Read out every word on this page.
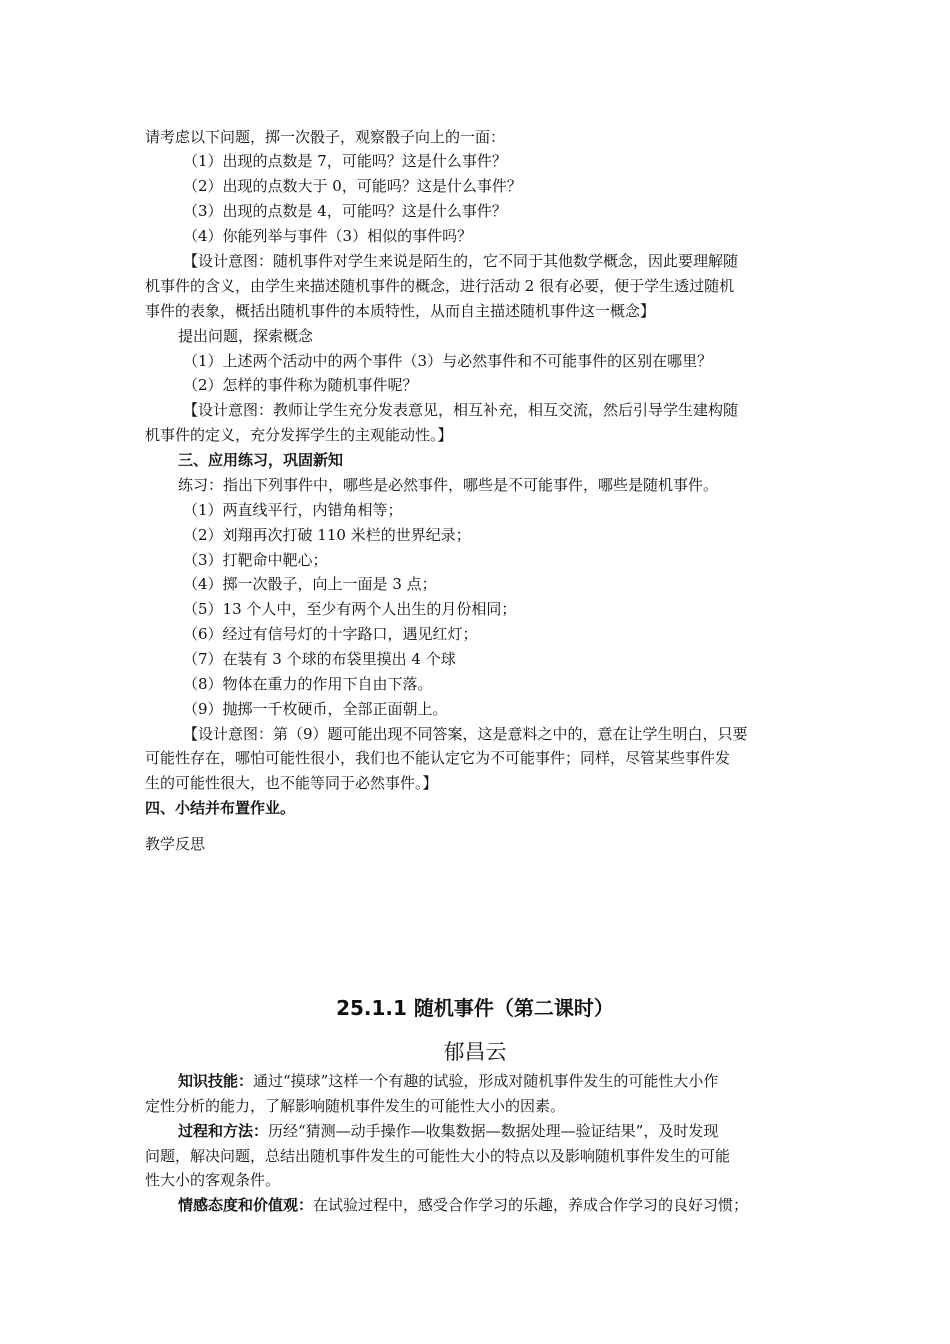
请考虑以下问题，掷一次骰子，观察骰子向上的一面：
（1）出现的点数是 7，可能吗？这是什么事件？
（2）出现的点数大于 0，可能吗？这是什么事件？
（3）出现的点数是 4，可能吗？这是什么事件？
（4）你能列举与事件（3）相似的事件吗？
【设计意图：随机事件对学生来说是陌生的，它不同于其他数学概念，因此要理解随
机事件的含义，由学生来描述随机事件的概念，进行活动 2 很有必要，便于学生透过随机
事件的表象，概括出随机事件的本质特性，从而自主描述随机事件这一概念】
提出问题，探索概念
（1）上述两个活动中的两个事件（3）与必然事件和不可能事件的区别在哪里？
（2）怎样的事件称为随机事件呢？
【设计意图：教师让学生充分发表意见，相互补充，相互交流，然后引导学生建构随
机事件的定义，充分发挥学生的主观能动性。】
三、应用练习，巩固新知
练习：指出下列事件中，哪些是必然事件，哪些是不可能事件，哪些是随机事件。
（1）两直线平行，内错角相等；
（2）刘翔再次打破 110 米栏的世界纪录；
（3）打靶命中靶心；
（4）掷一次骰子，向上一面是 3 点；
（5）13 个人中，至少有两个人出生的月份相同；
（6）经过有信号灯的十字路口，遇见红灯；
（7）在装有 3 个球的布袋里摸出 4 个球
（8）物体在重力的作用下自由下落。
（9）抛掷一千枚硬币，全部正面朝上。
【设计意图：第（9）题可能出现不同答案，这是意料之中的，意在让学生明白，只要
可能性存在，哪怕可能性很小，我们也不能认定它为不可能事件；同样，尽管某些事件发
生的可能性很大，也不能等同于必然事件。】
四、小结并布置作业。
教学反思
25.1.1 随机事件（第二课时）
郁昌云
知识技能：通过“摸球”这样一个有趣的试验，形成对随机事件发生的可能性大小作
定性分析的能力，了解影响随机事件发生的可能性大小的因素。
过程和方法：历经“猜测—动手操作—收集数据—数据处理—验证结果”，及时发现
问题，解决问题，总结出随机事件发生的可能性大小的特点以及影响随机事件发生的可能
性大小的客观条件。
情感态度和价值观：在试验过程中，感受合作学习的乐趣，养成合作学习的良好习惯；
